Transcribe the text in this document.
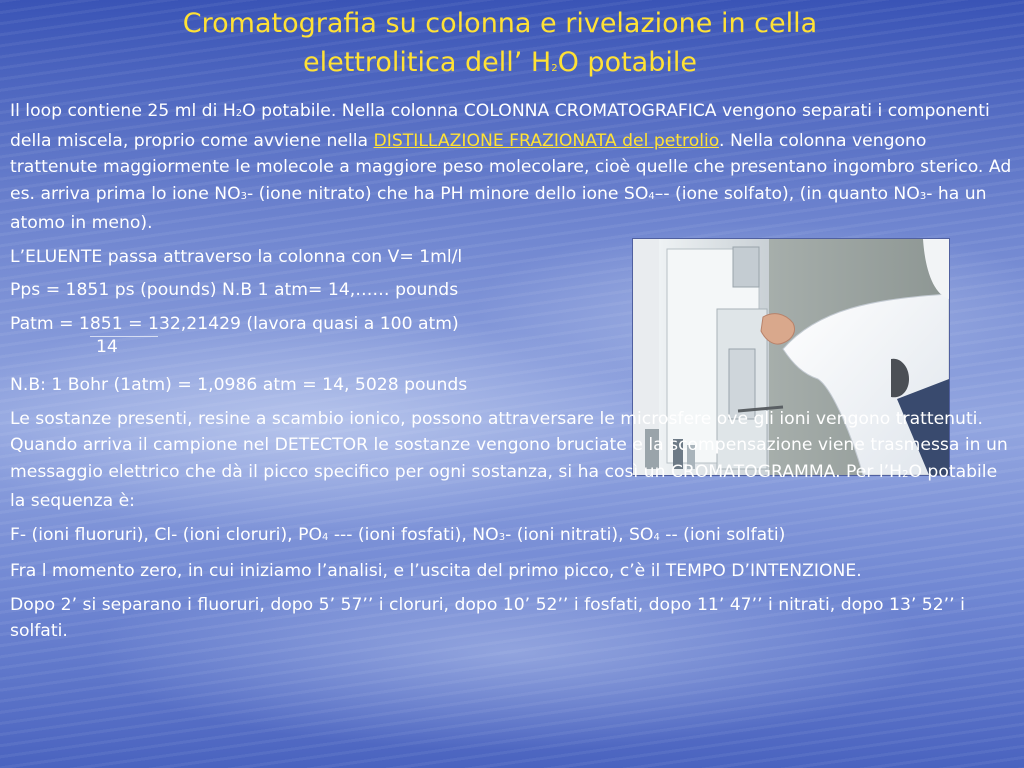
Cromatografia su colonna e rivelazione in cella
elettrolitica dell’ H2O potabile

Il loop contiene 25 ml di H2O potabile. Nella colonna COLONNA CROMATOGRAFICA vengono separati i componenti della miscela, proprio come avviene nella DISTILLAZIONE FRAZIONATA del petrolio. Nella colonna vengono trattenute maggiormente le molecole a maggiore peso molecolare, cioè quelle che presentano ingombro sterico. Ad es. arriva prima lo ione NO3- (ione nitrato) che ha PH minore dello ione SO4–- (ione solfato), (in quanto NO3- ha un atomo in meno).

L’ELUENTE passa attraverso la colonna con V= 1ml/l

Pps = 1851 ps (pounds) N.B 1 atm= 14,…… pounds

Patm = 1851 = 132,21429 (lavora quasi a 100 atm)

14

N.B: 1 Bohr (1atm) = 1,0986 atm = 14, 5028 pounds

Le sostanze presenti, resine a scambio ionico, possono attraversare le microsfere ove gli ioni vengono trattenuti. Quando arriva il campione nel DETECTOR le sostanze vengono bruciate e la scompensazione viene trasmessa in un messaggio elettrico che dà il picco specifico per ogni sostanza, si ha così un CROMATOGRAMMA. Per l’H2O potabile la sequenza è:

F- (ioni fluoruri), Cl- (ioni cloruri), PO4 --- (ioni fosfati), NO3- (ioni nitrati), SO4 -- (ioni solfati)

Fra l momento zero, in cui iniziamo l’analisi, e l’uscita del primo picco, c’è il TEMPO D’INTENZIONE.

Dopo 2’ si separano i fluoruri, dopo 5’ 57’’ i cloruri, dopo 10’ 52’’ i fosfati, dopo 11’ 47’’ i nitrati, dopo 13’ 52’’ i solfati.
